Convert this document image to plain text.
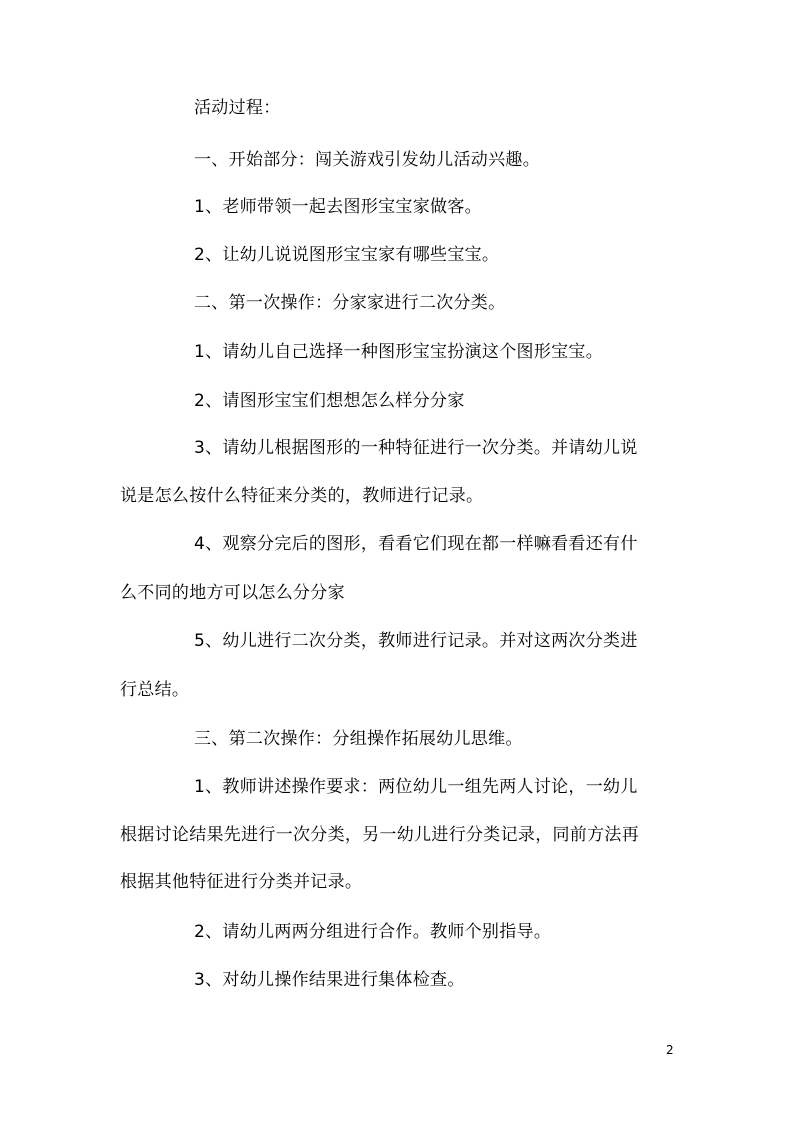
活动过程：
一、开始部分：闯关游戏引发幼儿活动兴趣。
1、老师带领一起去图形宝宝家做客。
2、让幼儿说说图形宝宝家有哪些宝宝。
二、第一次操作：分家家进行二次分类。
1、请幼儿自己选择一种图形宝宝扮演这个图形宝宝。
2、请图形宝宝们想想怎么样分分家
3、请幼儿根据图形的一种特征进行一次分类。并请幼儿说
说是怎么按什么特征来分类的，教师进行记录。
4、观察分完后的图形，看看它们现在都一样嘛看看还有什
么不同的地方可以怎么分分家
5、幼儿进行二次分类，教师进行记录。并对这两次分类进
行总结。
三、第二次操作：分组操作拓展幼儿思维。
1、教师讲述操作要求：两位幼儿一组先两人讨论，一幼儿
根据讨论结果先进行一次分类，另一幼儿进行分类记录，同前方法再
根据其他特征进行分类并记录。
2、请幼儿两两分组进行合作。教师个别指导。
3、对幼儿操作结果进行集体检查。
2
